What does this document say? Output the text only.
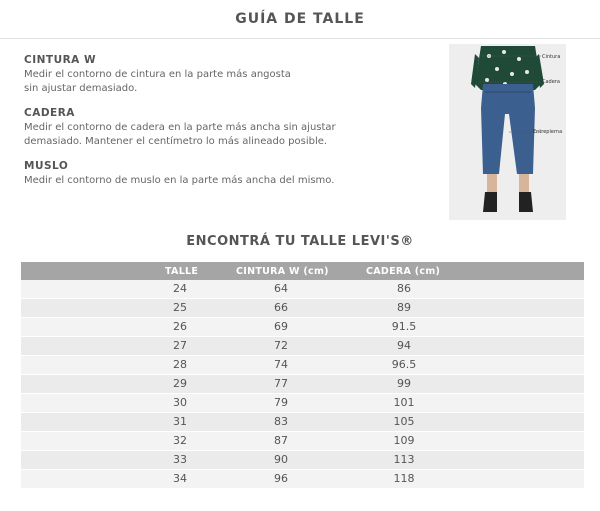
GUÍA DE TALLE
CINTURA W
Medir el contorno de cintura en la parte más angosta sin ajustar demasiado.
CADERA
Medir el contorno de cadera en la parte más ancha sin ajustar demasiado. Mantener el centímetro lo más alineado posible.
MUSLO
Medir el contorno de muslo en la parte más ancha del mismo.
Cintura
Cadera
Entrepierna
ENCONTRÁ TU TALLE LEVI'S®
TALLE	CINTURA W (cm)	CADERA (cm)
24	64	86
25	66	89
26	69	91.5
27	72	94
28	74	96.5
29	77	99
30	79	101
31	83	105
32	87	109
33	90	113
34	96	118
